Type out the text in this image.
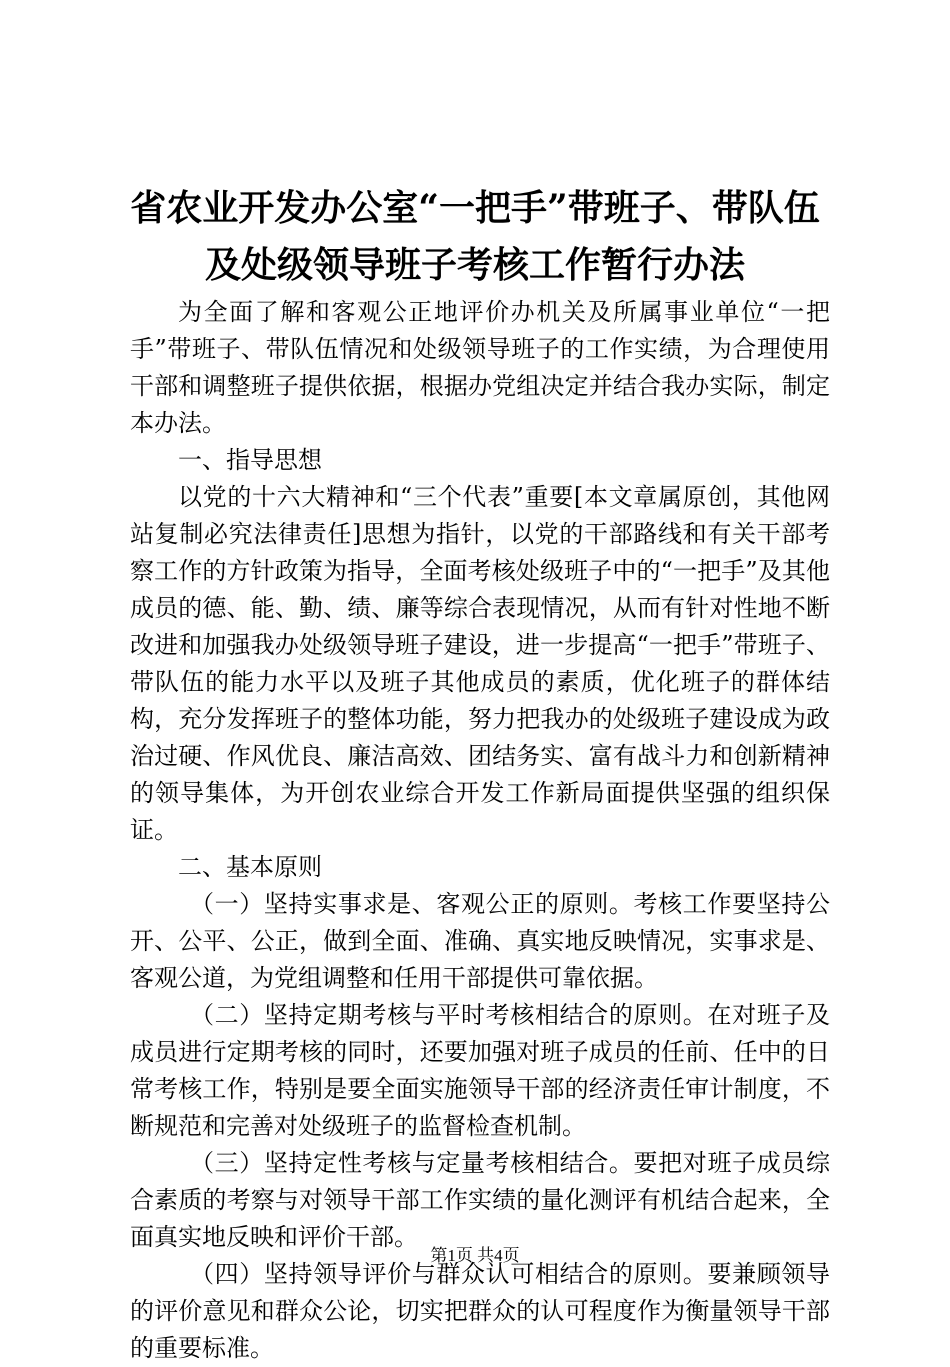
省农业开发办公室“一把手”带班子、带队伍
及处级领导班子考核工作暂行办法

为全面了解和客观公正地评价办机关及所属事业单位“一把手”带班子、带队伍情况和处级领导班子的工作实绩，为合理使用干部和调整班子提供依据，根据办党组决定并结合我办实际，制定本办法。

一、指导思想

以党的十六大精神和“三个代表”重要[本文章属原创，其他网站复制必究法律责任]思想为指针，以党的干部路线和有关干部考察工作的方针政策为指导，全面考核处级班子中的“一把手”及其他成员的德、能、勤、绩、廉等综合表现情况，从而有针对性地不断改进和加强我办处级领导班子建设，进一步提高“一把手”带班子、带队伍的能力水平以及班子其他成员的素质，优化班子的群体结构，充分发挥班子的整体功能，努力把我办的处级班子建设成为政治过硬、作风优良、廉洁高效、团结务实、富有战斗力和创新精神的领导集体，为开创农业综合开发工作新局面提供坚强的组织保证。

二、基本原则

（一）坚持实事求是、客观公正的原则。考核工作要坚持公开、公平、公正，做到全面、准确、真实地反映情况，实事求是、客观公道，为党组调整和任用干部提供可靠依据。

（二）坚持定期考核与平时考核相结合的原则。在对班子及成员进行定期考核的同时，还要加强对班子成员的任前、任中的日常考核工作，特别是要全面实施领导干部的经济责任审计制度，不断规范和完善对处级班子的监督检查机制。

（三）坚持定性考核与定量考核相结合。要把对班子成员综合素质的考察与对领导干部工作实绩的量化测评有机结合起来，全面真实地反映和评价干部。

（四）坚持领导评价与群众认可相结合的原则。要兼顾领导的评价意见和群众公论，切实把群众的认可程度作为衡量领导干部的重要标准。

第1页 共4页
